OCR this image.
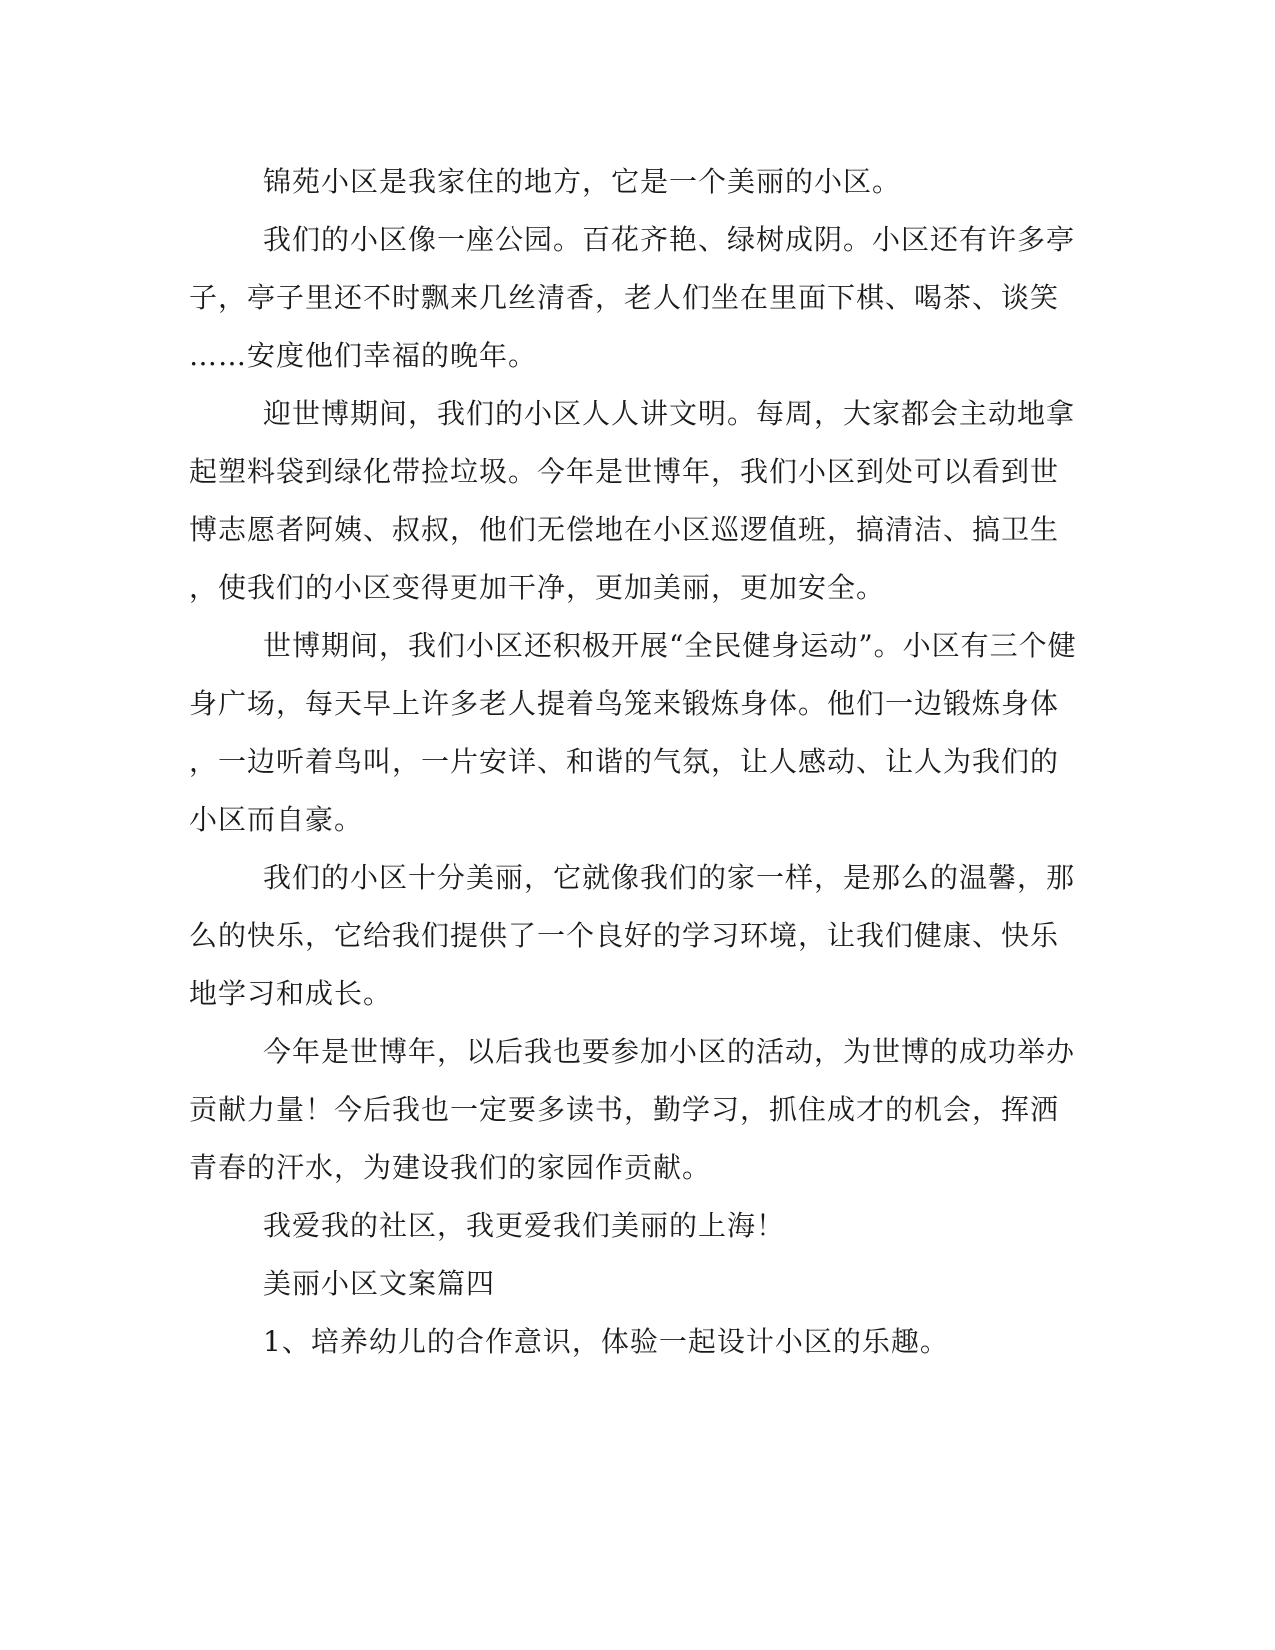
锦苑小区是我家住的地方，它是一个美丽的小区。
我们的小区像一座公园。百花齐艳、绿树成阴。小区还有许多亭
子，亭子里还不时飘来几丝清香，老人们坐在里面下棋、喝茶、谈笑
……安度他们幸福的晚年。
迎世博期间，我们的小区人人讲文明。每周，大家都会主动地拿
起塑料袋到绿化带捡垃圾。今年是世博年，我们小区到处可以看到世
博志愿者阿姨、叔叔，他们无偿地在小区巡逻值班，搞清洁、搞卫生
，使我们的小区变得更加干净，更加美丽，更加安全。
世博期间，我们小区还积极开展“全民健身运动”。小区有三个健
身广场，每天早上许多老人提着鸟笼来锻炼身体。他们一边锻炼身体
，一边听着鸟叫，一片安详、和谐的气氛，让人感动、让人为我们的
小区而自豪。
我们的小区十分美丽，它就像我们的家一样，是那么的温馨，那
么的快乐，它给我们提供了一个良好的学习环境，让我们健康、快乐
地学习和成长。
今年是世博年，以后我也要参加小区的活动，为世博的成功举办
贡献力量！今后我也一定要多读书，勤学习，抓住成才的机会，挥洒
青春的汗水，为建设我们的家园作贡献。
我爱我的社区，我更爱我们美丽的上海！
美丽小区文案篇四
1、培养幼儿的合作意识，体验一起设计小区的乐趣。
